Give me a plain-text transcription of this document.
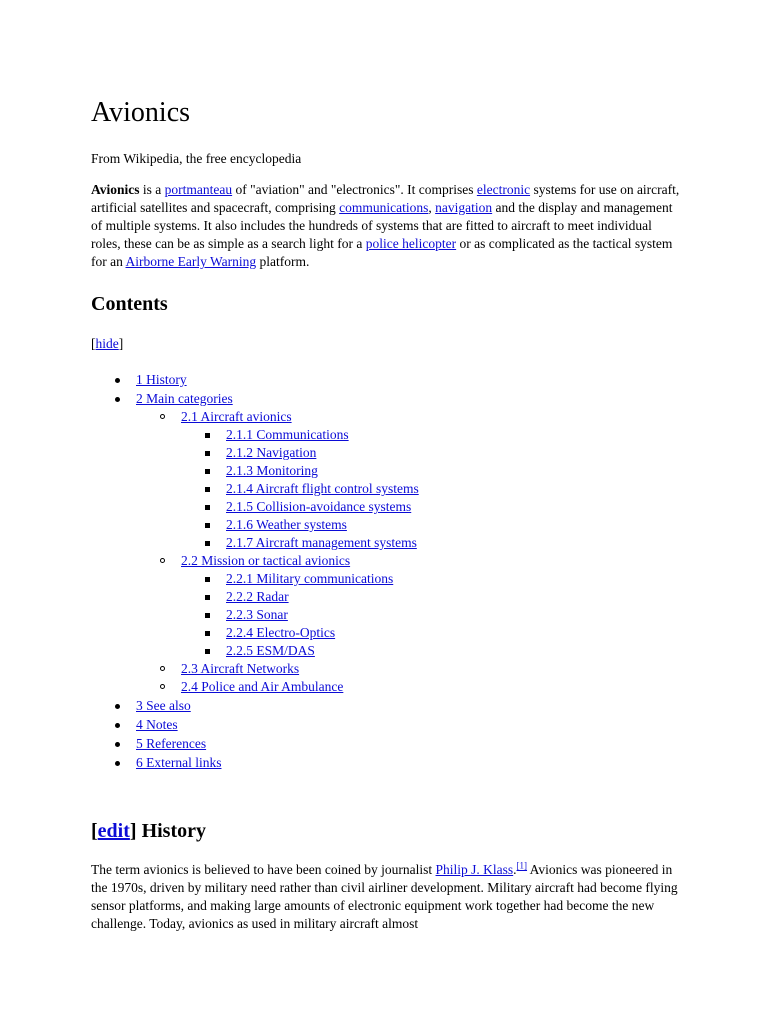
Avionics
From Wikipedia, the free encyclopedia

Avionics is a portmanteau of "aviation" and "electronics". It comprises electronic systems for use on aircraft, artificial satellites and spacecraft, comprising communications, navigation and the display and management of multiple systems. It also includes the hundreds of systems that are fitted to aircraft to meet individual roles, these can be as simple as a search light for a police helicopter or as complicated as the tactical system for an Airborne Early Warning platform.

Contents
[hide]
1 History
2 Main categories
2.1 Aircraft avionics
2.1.1 Communications
2.1.2 Navigation
2.1.3 Monitoring
2.1.4 Aircraft flight control systems
2.1.5 Collision-avoidance systems
2.1.6 Weather systems
2.1.7 Aircraft management systems
2.2 Mission or tactical avionics
2.2.1 Military communications
2.2.2 Radar
2.2.3 Sonar
2.2.4 Electro-Optics
2.2.5 ESM/DAS
2.3 Aircraft Networks
2.4 Police and Air Ambulance
3 See also
4 Notes
5 References
6 External links
[edit] History

The term avionics is believed to have been coined by journalist Philip J. Klass.[1] Avionics was pioneered in the 1970s, driven by military need rather than civil airliner development. Military aircraft had become flying sensor platforms, and making large amounts of electronic equipment work together had become the new challenge. Today, avionics as used in military aircraft almost
